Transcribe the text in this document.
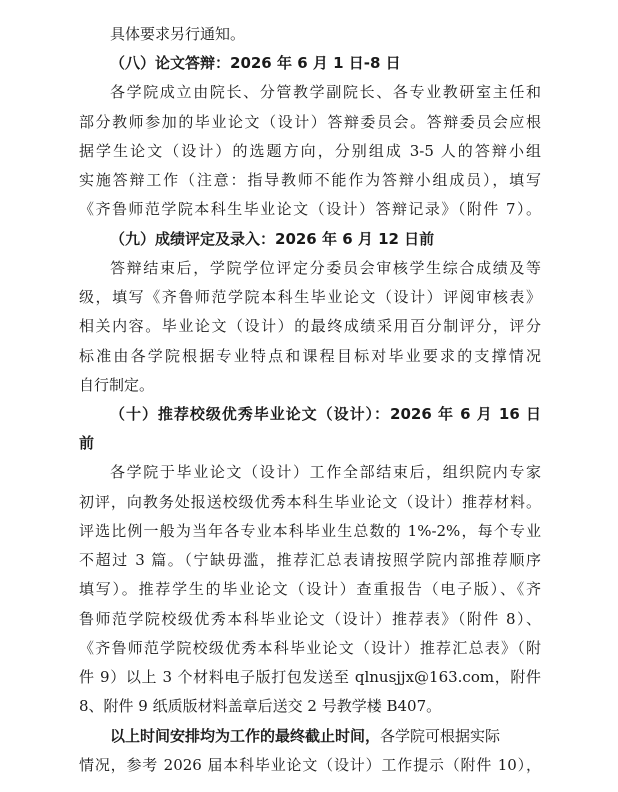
具体要求另行通知。
（八）论文答辩：2026 年 6 月 1 日-8 日
各学院成立由院长、分管教学副院长、各专业教研室主任和
部分教师参加的毕业论文（设计）答辩委员会。答辩委员会应根
据学生论文（设计）的选题方向，分别组成 3-5 人的答辩小组
实施答辩工作（注意：指导教师不能作为答辩小组成员），填写
《齐鲁师范学院本科生毕业论文（设计）答辩记录》（附件 7）。
（九）成绩评定及录入：2026 年 6 月 12 日前
答辩结束后，学院学位评定分委员会审核学生综合成绩及等
级，填写《齐鲁师范学院本科生毕业论文（设计）评阅审核表》
相关内容。毕业论文（设计）的最终成绩采用百分制评分，评分
标准由各学院根据专业特点和课程目标对毕业要求的支撑情况
自行制定。
（十）推荐校级优秀毕业论文（设计）：2026 年 6 月 16 日
前
各学院于毕业论文（设计）工作全部结束后，组织院内专家
初评，向教务处报送校级优秀本科生毕业论文（设计）推荐材料。
评选比例一般为当年各专业本科毕业生总数的 1%-2%，每个专业
不超过 3 篇。（宁缺毋滥，推荐汇总表请按照学院内部推荐顺序
填写）。推荐学生的毕业论文（设计）查重报告（电子版）、《齐
鲁师范学院校级优秀本科毕业论文（设计）推荐表》（附件 8）、
《齐鲁师范学院校级优秀本科毕业论文（设计）推荐汇总表》（附
件 9）以上 3 个材料电子版打包发送至 qlnusjjx@163.com，附件
8、附件 9 纸质版材料盖章后送交 2 号教学楼 B407。
以上时间安排均为工作的最终截止时间，各学院可根据实际
情况，参考 2026 届本科毕业论文（设计）工作提示（附件 10），
